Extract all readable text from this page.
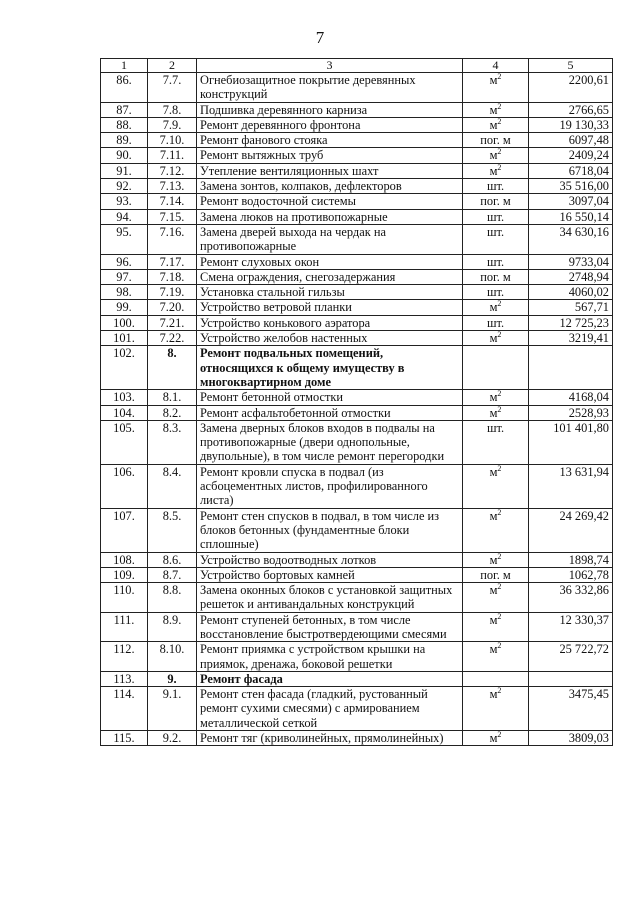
7
1	2	3	4	5
86.	7.7.	Огнебиозащитное покрытие деревянных конструкций	$м^2$	2200,61
87.	7.8.	Подшивка деревянного карниза	$м^2$	2766,65
88.	7.9.	Ремонт деревянного фронтона	$м^2$	19 130,33
89.	7.10.	Ремонт фанового стояка	пог. м	6097,48
90.	7.11.	Ремонт вытяжных труб	$м^2$	2409,24
91.	7.12.	Утепление вентиляционных шахт	$м^2$	6718,04
92.	7.13.	Замена зонтов, колпаков, дефлекторов	шт.	35 516,00
93.	7.14.	Ремонт водосточной системы	пог. м	3097,04
94.	7.15.	Замена люков на противопожарные	шт.	16 550,14
95.	7.16.	Замена дверей выхода на чердак на противопожарные	шт.	34 630,16
96.	7.17.	Ремонт слуховых окон	шт.	9733,04
97.	7.18.	Смена ограждения, снегозадержания	пог. м	2748,94
98.	7.19.	Установка стальной гильзы	шт.	4060,02
99.	7.20.	Устройство ветровой планки	$м^2$	567,71
100.	7.21.	Устройство конькового аэратора	шт.	12 725,23
101.	7.22.	Устройство желобов настенных	$м^2$	3219,41
102.	8.	Ремонт подвальных помещений, относящихся к общему имуществу в многоквартирном доме		
103.	8.1.	Ремонт бетонной отмостки	$м^2$	4168,04
104.	8.2.	Ремонт асфальтобетонной отмостки	$м^2$	2528,93
105.	8.3.	Замена дверных блоков входов в подвалы на противопожарные (двери однопольные, двупольные), в том числе ремонт перегородки	шт.	101 401,80
106.	8.4.	Ремонт кровли спуска в подвал (из асбоцементных листов, профилированного листа)	$м^2$	13 631,94
107.	8.5.	Ремонт стен спусков в подвал, в том числе из блоков бетонных (фундаментные блоки сплошные)	$м^2$	24 269,42
108.	8.6.	Устройство водоотводных лотков	$м^2$	1898,74
109.	8.7.	Устройство бортовых камней	пог. м	1062,78
110.	8.8.	Замена оконных блоков с установкой защитных решеток и антивандальных конструкций	$м^2$	36 332,86
111.	8.9.	Ремонт ступеней бетонных, в том числе восстановление быстротвердеющими смесями	$м^2$	12 330,37
112.	8.10.	Ремонт приямка с устройством крышки на приямок, дренажа, боковой решетки	$м^2$	25 722,72
113.	9.	Ремонт фасада		
114.	9.1.	Ремонт стен фасада (гладкий, рустованный ремонт сухими смесями) с армированием металлической сеткой	$м^2$	3475,45
115.	9.2.	Ремонт тяг (криволинейных, прямолинейных)	$м^2$	3809,03
